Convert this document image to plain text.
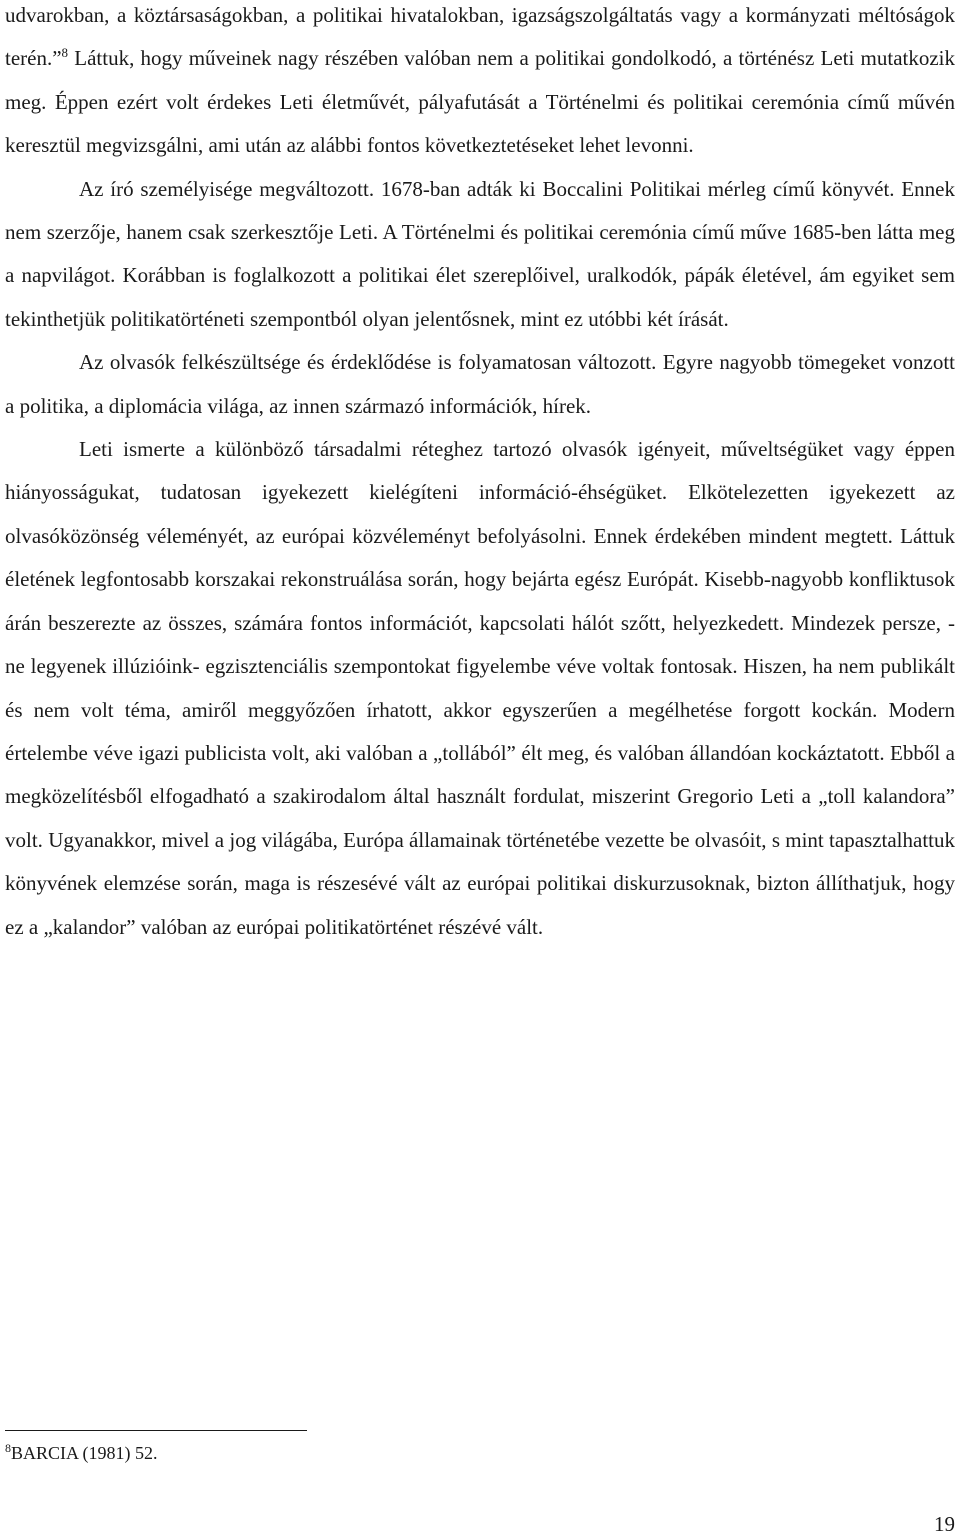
udvarokban, a köztársaságokban, a politikai hivatalokban, igazságszolgáltatás vagy a kormányzati méltóságok terén.”$^8$ Láttuk, hogy műveinek nagy részében valóban nem a politikai gondolkodó, a történész Leti mutatkozik meg. Éppen ezért volt érdekes Leti életművét, pályafutását a Történelmi és politikai ceremónia című művén keresztül megvizsgálni, ami után az alábbi fontos következtetéseket lehet levonni.

Az író személyisége megváltozott. 1678-ban adták ki Boccalini Politikai mérleg című könyvét. Ennek nem szerzője, hanem csak szerkesztője Leti. A Történelmi és politikai ceremónia című műve 1685-ben látta meg a napvilágot. Korábban is foglalkozott a politikai élet szereplőivel, uralkodók, pápák életével, ám egyiket sem tekinthetjük politikatörténeti szempontból olyan jelentősnek, mint ez utóbbi két írását.

Az olvasók felkészültsége és érdeklődése is folyamatosan változott. Egyre nagyobb tömegeket vonzott a politika, a diplomácia világa, az innen származó információk, hírek.

Leti ismerte a különböző társadalmi réteghez tartozó olvasók igényeit, műveltségüket vagy éppen hiányosságukat, tudatosan igyekezett kielégíteni információ-éhségüket. Elkötelezetten igyekezett az olvasóközönség véleményét, az európai közvéleményt befolyásolni. Ennek érdekében mindent megtett. Láttuk életének legfontosabb korszakai rekonstruálása során, hogy bejárta egész Európát. Kisebb-nagyobb konfliktusok árán beszerezte az összes, számára fontos információt, kapcsolati hálót szőtt, helyezkedett. Mindezek persze, - ne legyenek illúzióink- egzisztenciális szempontokat figyelembe véve voltak fontosak. Hiszen, ha nem publikált és nem volt téma, amiről meggyőzően írhatott, akkor egyszerűen a megélhetése forgott kockán. Modern értelembe véve igazi publicista volt, aki valóban a „tollából” élt meg, és valóban állandóan kockáztatott. Ebből a megközelítésből elfogadható a szakirodalom által használt fordulat, miszerint Gregorio Leti a „toll kalandora” volt. Ugyanakkor, mivel a jog világába, Európa államainak történetébe vezette be olvasóit, s mint tapasztalhattuk könyvének elemzése során, maga is részesévé vált az európai politikai diskurzusoknak, bizton állíthatjuk, hogy ez a „kalandor” valóban az európai politikatörténet részévé vált.

$^8$BARCIA (1981) 52.
19
